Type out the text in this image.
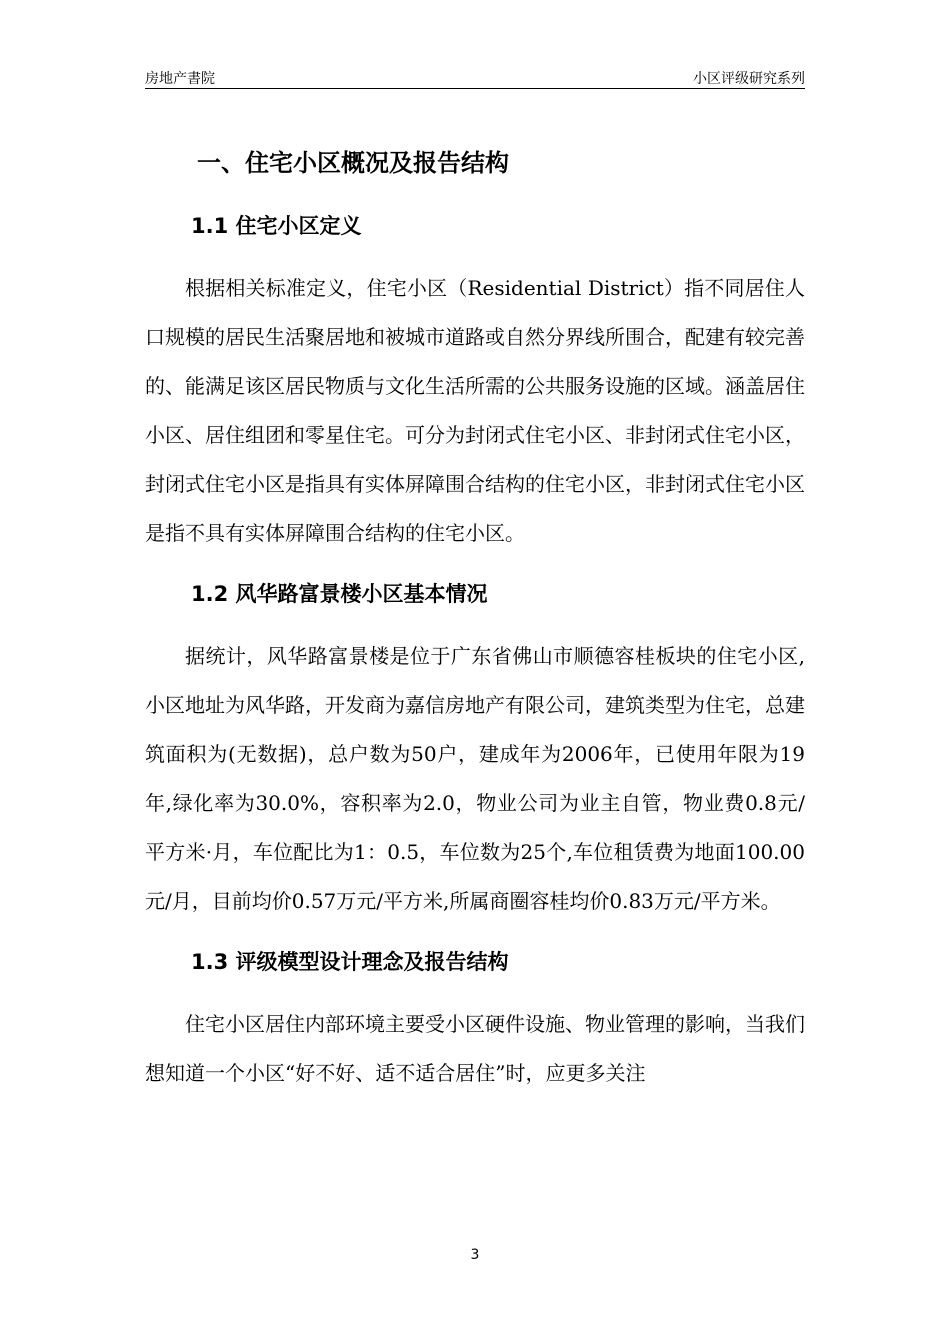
房地产書院	小区评级研究系列
一、住宅小区概况及报告结构
1.1 住宅小区定义

根据相关标准定义，住宅小区（Residential District）指不同居住人口规模的居民生活聚居地和被城市道路或自然分界线所围合，配建有较完善的、能满足该区居民物质与文化生活所需的公共服务设施的区域。涵盖居住小区、居住组团和零星住宅。可分为封闭式住宅小区、非封闭式住宅小区，封闭式住宅小区是指具有实体屏障围合结构的住宅小区，非封闭式住宅小区是指不具有实体屏障围合结构的住宅小区。

1.2 风华路富景楼小区基本情况

据统计，风华路富景楼是位于广东省佛山市顺德容桂板块的住宅小区,小区地址为风华路，开发商为嘉信房地产有限公司，建筑类型为住宅，总建筑面积为(无数据)，总户数为50户，建成年为2006年，已使用年限为19年,绿化率为30.0%，容积率为2.0，物业公司为业主自管，物业费0.8元/平方米·月，车位配比为1：0.5，车位数为25个,车位租赁费为地面100.00元/月，目前均价0.57万元/平方米,所属商圈容桂均价0.83万元/平方米。

1.3 评级模型设计理念及报告结构

住宅小区居住内部环境主要受小区硬件设施、物业管理的影响，当我们想知道一个小区“好不好、适不适合居住”时，应更多关注

3
